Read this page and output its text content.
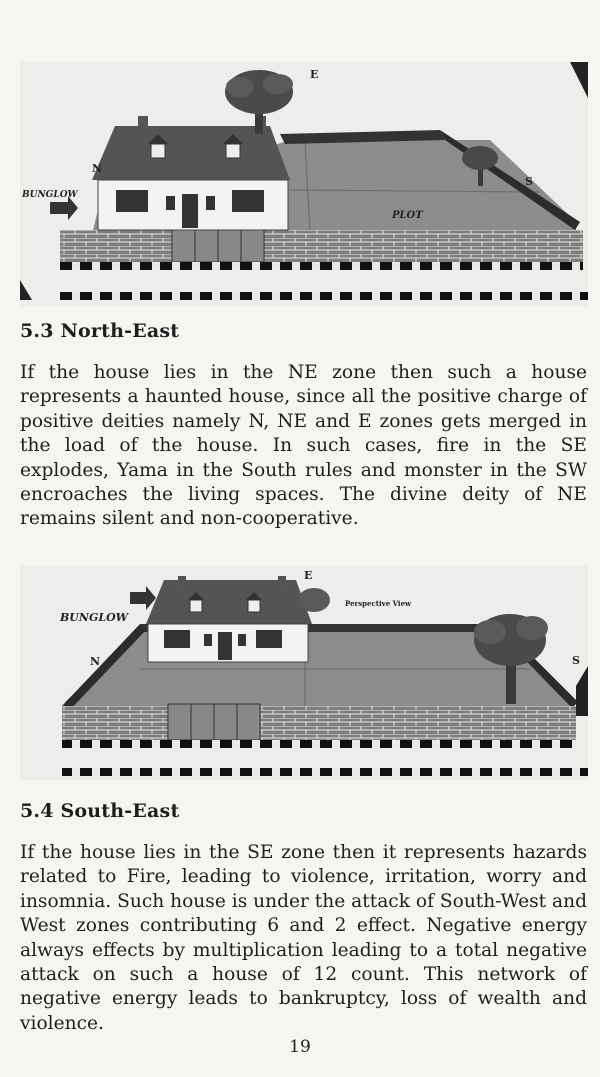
BUNGLOW
PLOT
N
E
S
5.3 North-East

If the house lies in the NE zone then such a house represents a haunted house, since all the positive charge of positive deities namely N, NE and E zones gets merged in the load of the house. In such cases, fire in the SE explodes, Yama in the South rules and monster in the SW encroaches the living spaces. The divine deity of NE remains silent and non-cooperative.

BUNGLOW
Perspective View
N
E
S
5.4 South-East

If the house lies in the SE zone then it represents hazards related to Fire, leading to violence, irritation, worry and insomnia. Such house is under the attack of South-West and West zones contributing 6 and 2 effect. Negative energy always effects by multiplication leading to a total negative attack on such a house of 12 count. This network of negative energy leads to bankruptcy, loss of wealth and violence.

19
